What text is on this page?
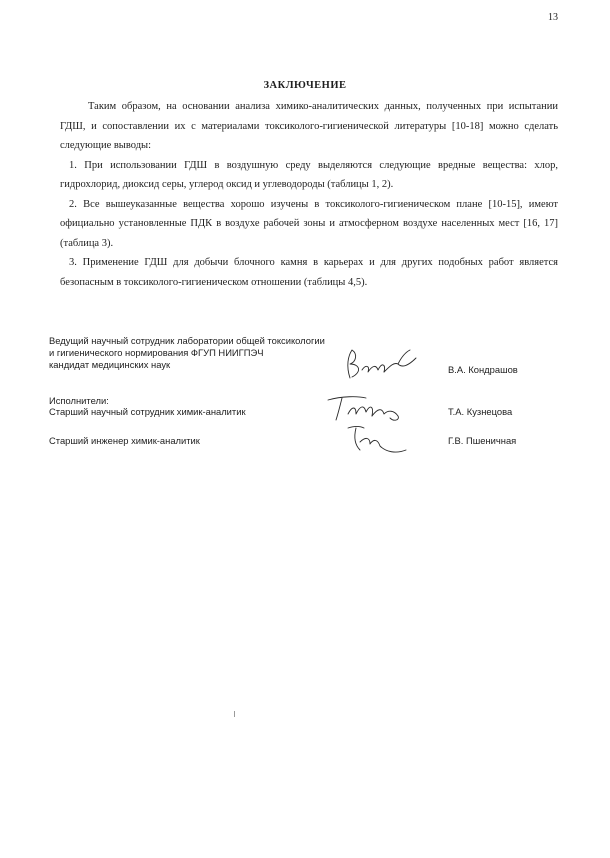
13
ЗАКЛЮЧЕНИЕ

Таким образом, на основании анализа химико-аналитических данных, полученных при испытании ГДШ, и сопоставлении их с материалами токсиколого-гигиенической литературы [10-18] можно сделать следующие выводы:

1. При использовании ГДШ в воздушную среду выделяются следующие вредные вещества: хлор, гидрохлорид, диоксид серы, углерод оксид и углеводороды (таблицы 1, 2).

2. Все вышеуказанные вещества хорошо изучены в токсиколого-гигиеническом плане [10-15], имеют официально установленные ПДК в воздухе рабочей зоны и атмосферном воздухе населенных мест [16, 17] (таблица 3).

3. Применение ГДШ для добычи блочного камня в карьерах и для других подобных работ является безопасным в токсиколого-гигиеническом отношении (таблицы 4,5).

Ведущий научный сотрудник лаборатории общей токсикологии
и гигиенического нормирования ФГУП НИИГПЭЧ
кандидат медицинских наук	В.А. Кондрашов
Исполнители:
Старший научный сотрудник химик-аналитик	Т.А. Кузнецова
Старший инженер химик-аналитик	Г.В. Пшеничная
